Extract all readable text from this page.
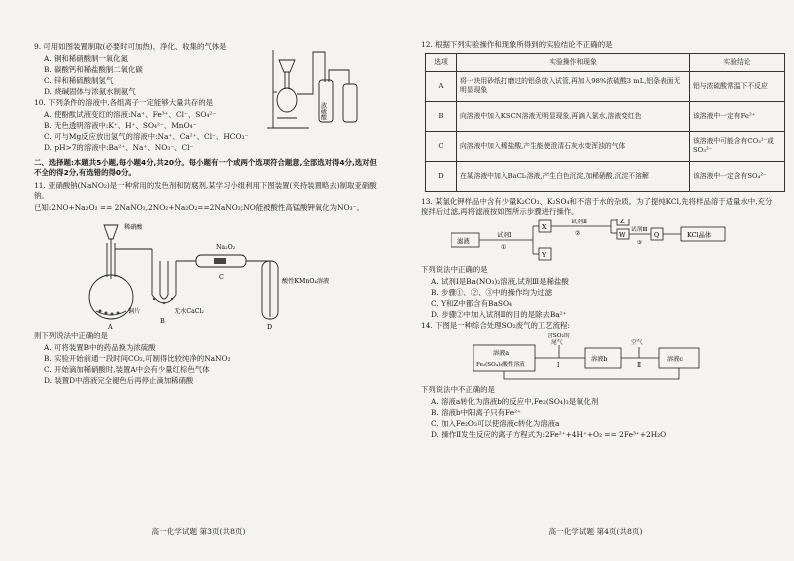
9. 可用如图装置制取(必要时可加热)、净化、收集的气体是
A. 铜和稀硝酸制一氧化氮
B. 碳酸钙和稀盐酸制二氧化碳
C. 锌和稀硫酸制氢气
D. 烧碱固体与浓氨水制氨气
浓硫酸
10. 下列条件的溶液中,各组离子一定能够大量共存的是
A. 使酚酞试液变红的溶液:Na⁺、Fe³⁺、Cl⁻、SO₄²⁻
B. 无色透明溶液中:K⁺、H⁺、SO₄²⁻、MnO₄⁻
C. 可与Mg反应放出氢气的溶液中:Na⁺、Ca²⁺、Cl⁻、HCO₃⁻
D. pH>7的溶液中:Ba²⁺、Na⁺、NO₃⁻、Cl⁻
二、选择题:本题共5小题,每小题4分,共20分。每小题有一个或两个选项符合题意,全部选对得4分,选对但不全的得2分,有选错的得0分。
11. 亚硝酸钠(NaNO₂)是一种常用的发色剂和防腐剂,某学习小组利用下图装置(夹持装置略去)制取亚硝酸钠。
已知:2NO+Na₂O₂ == 2NaNO₂,2NO₂+Na₂O₂==2NaNO₃;NO能被酸性高锰酸钾氧化为NO₃⁻。
稀硝酸
铜片	无水CaCl₂
Na₂O₂
酸性KMnO₄溶液
A
B
C
D
则下列说法中正确的是
A. 可将装置B中的药品换为浓硫酸
B. 实验开始前通一段时间CO₂,可制得比较纯净的NaNO₂
C. 开始滴加稀硝酸时,装置A中会有少量红棕色气体
D. 装置D中溶液完全褪色后再停止滴加稀硝酸
高一化学试题 第3页(共8页)
12. 根据下列实验操作和现象所得到的实验结论不正确的是
选项	实验操作和现象	实验结论
A	将一块用砂纸打磨过的铝条放入试管,再加入98%浓硫酸3 mL,铝条表面无明显现象	铝与浓硫酸常温下不反应
B	向溶液中加入KSCN溶液无明显现象,再滴入氯水,溶液变红色	该溶液中一定有Fe²⁺
C	向溶液中加入稀盐酸,产生能使澄清石灰水变浑浊的气体	该溶液中可能含有CO₃²⁻或SO₃²⁻
D	在某溶液中加入BaCl₂溶液,产生白色沉淀,加稀硝酸,沉淀不溶解	该溶液中一定含有SO₄²⁻
13. 某氯化钾样品中含有少量K₂CO₃、K₂SO₄和不溶于水的杂质。为了提纯KCl,先将样品溶于适量水中,充分搅拌后过滤,再将滤液按如图所示步骤进行操作。
滤液
试剂Ⅰ
①
X
Y
试剂Ⅱ
②
Z
W
试剂Ⅲ
③
Q	KCl晶体
下列说法中正确的是
A. 试剂Ⅰ是Ba(NO₃)₂溶液,试剂Ⅲ是稀盐酸
B. 步骤①、②、③中的操作均为过滤
C. Y和Z中都含有BaSO₄
D. 步骤②中加入试剂Ⅱ的目的是除去Ba²⁺
14. 下图是一种综合处理SO₂废气的工艺流程:
溶液a
Fe₂(SO₄)₃酸性溶液
含SO₂的
尾气
Ⅰ
溶液b
空气
Ⅱ
溶液c
下列说法中不正确的是
A. 溶液a转化为溶液b的反应中,Fe₂(SO₄)₃是氧化剂
B. 溶液b中阳离子只有Fe²⁺
C. 加入Fe₂O₃可以使溶液c转化为溶液a
D. 操作Ⅱ发生反应的离子方程式为:2Fe²⁺+4H⁺+O₂ == 2Fe³⁺+2H₂O
高一化学试题 第4页(共8页)
